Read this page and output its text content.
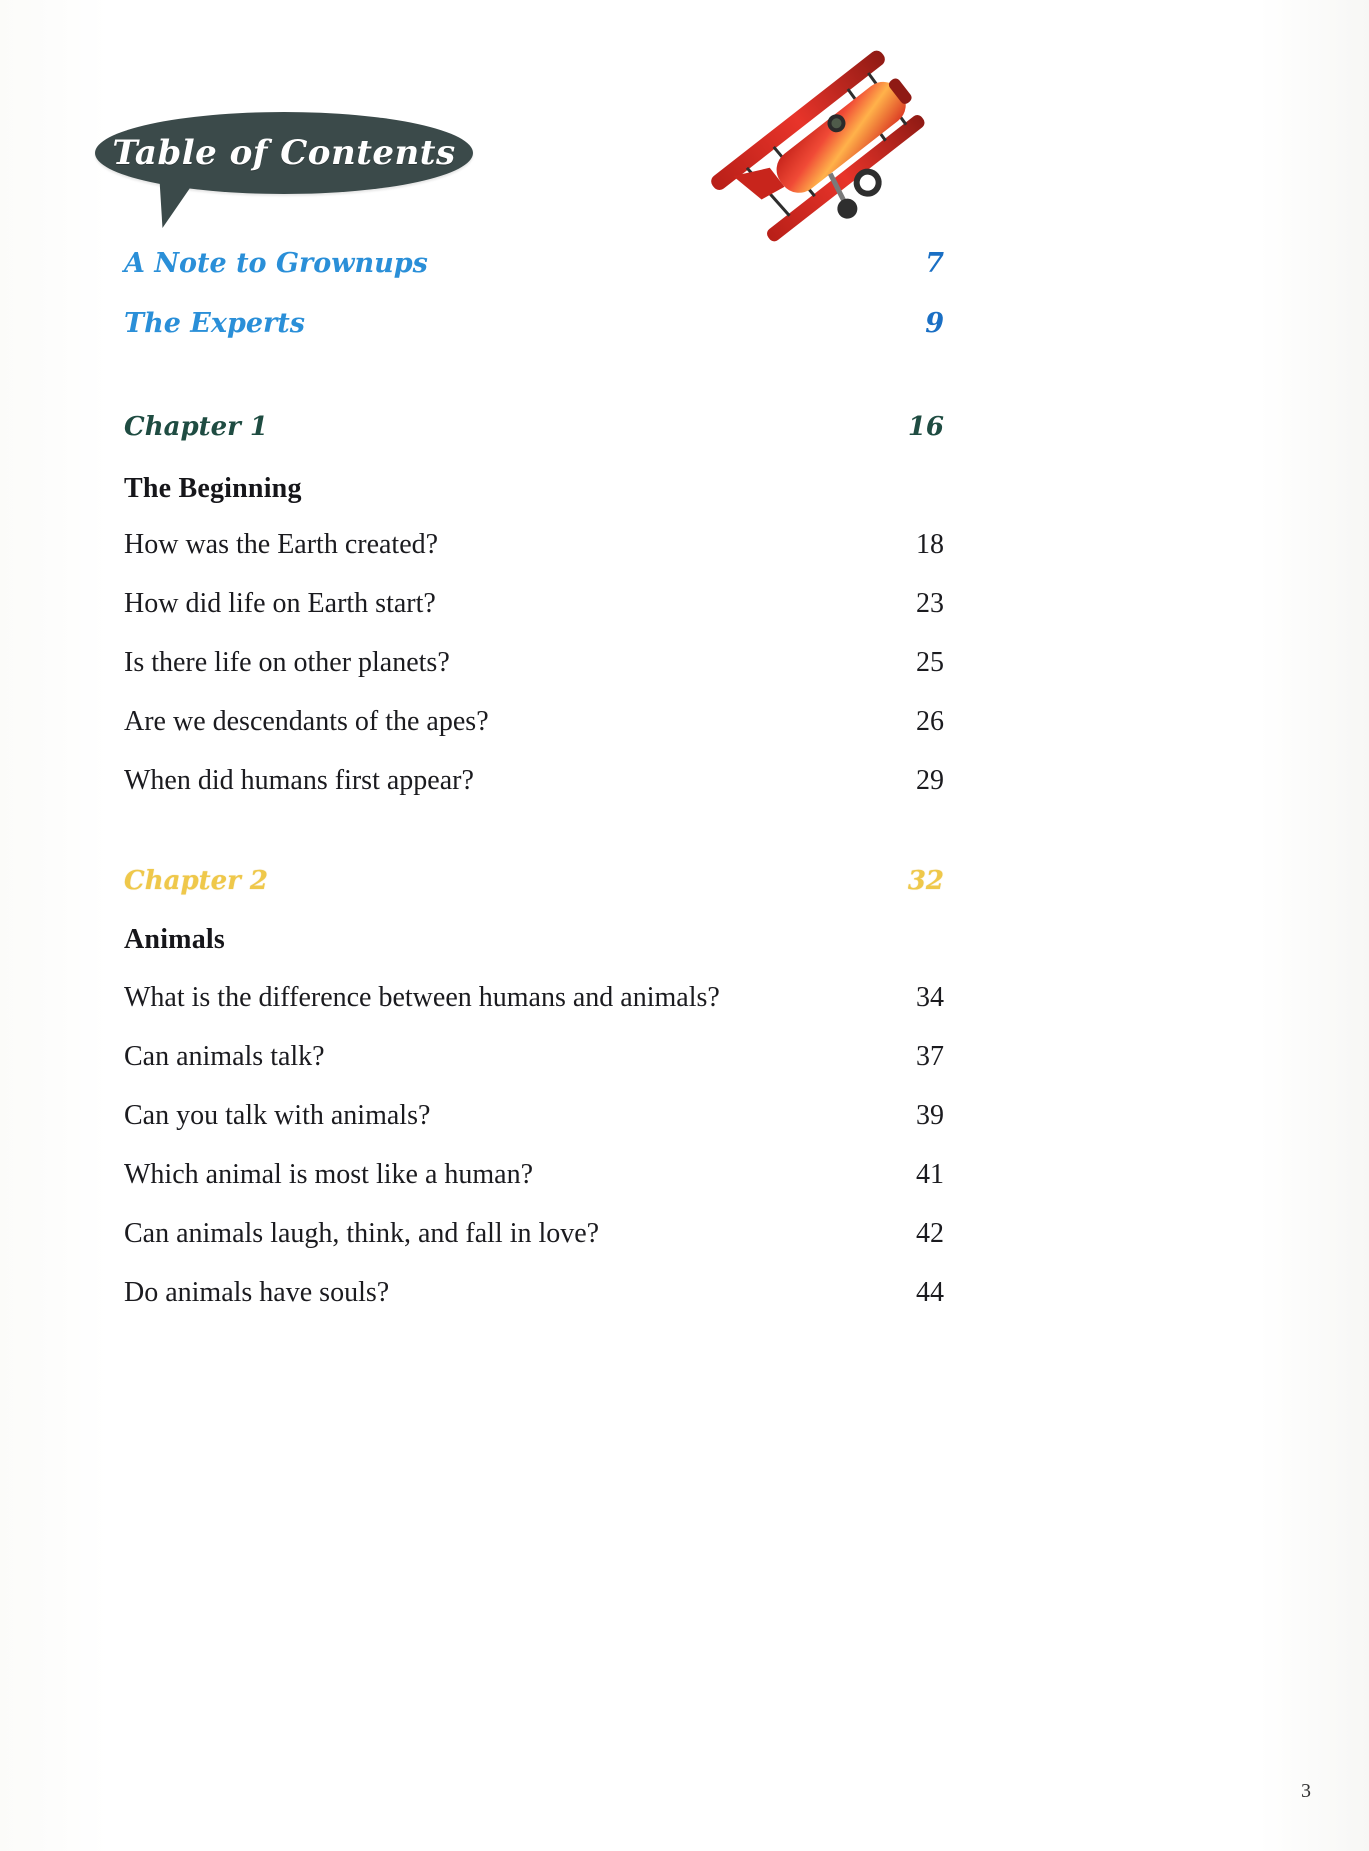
Table of Contents
A Note to Grownups	7
The Experts	9
Chapter 1	16
The Beginning
How was the Earth created?	18
How did life on Earth start?	23
Is there life on other planets?	25
Are we descendants of the apes?	26
When did humans first appear?	29
Chapter 2	32
Animals
What is the difference between humans and animals?	34
Can animals talk?	37
Can you talk with animals?	39
Which animal is most like a human?	41
Can animals laugh, think, and fall in love?	42
Do animals have souls?	44
3
